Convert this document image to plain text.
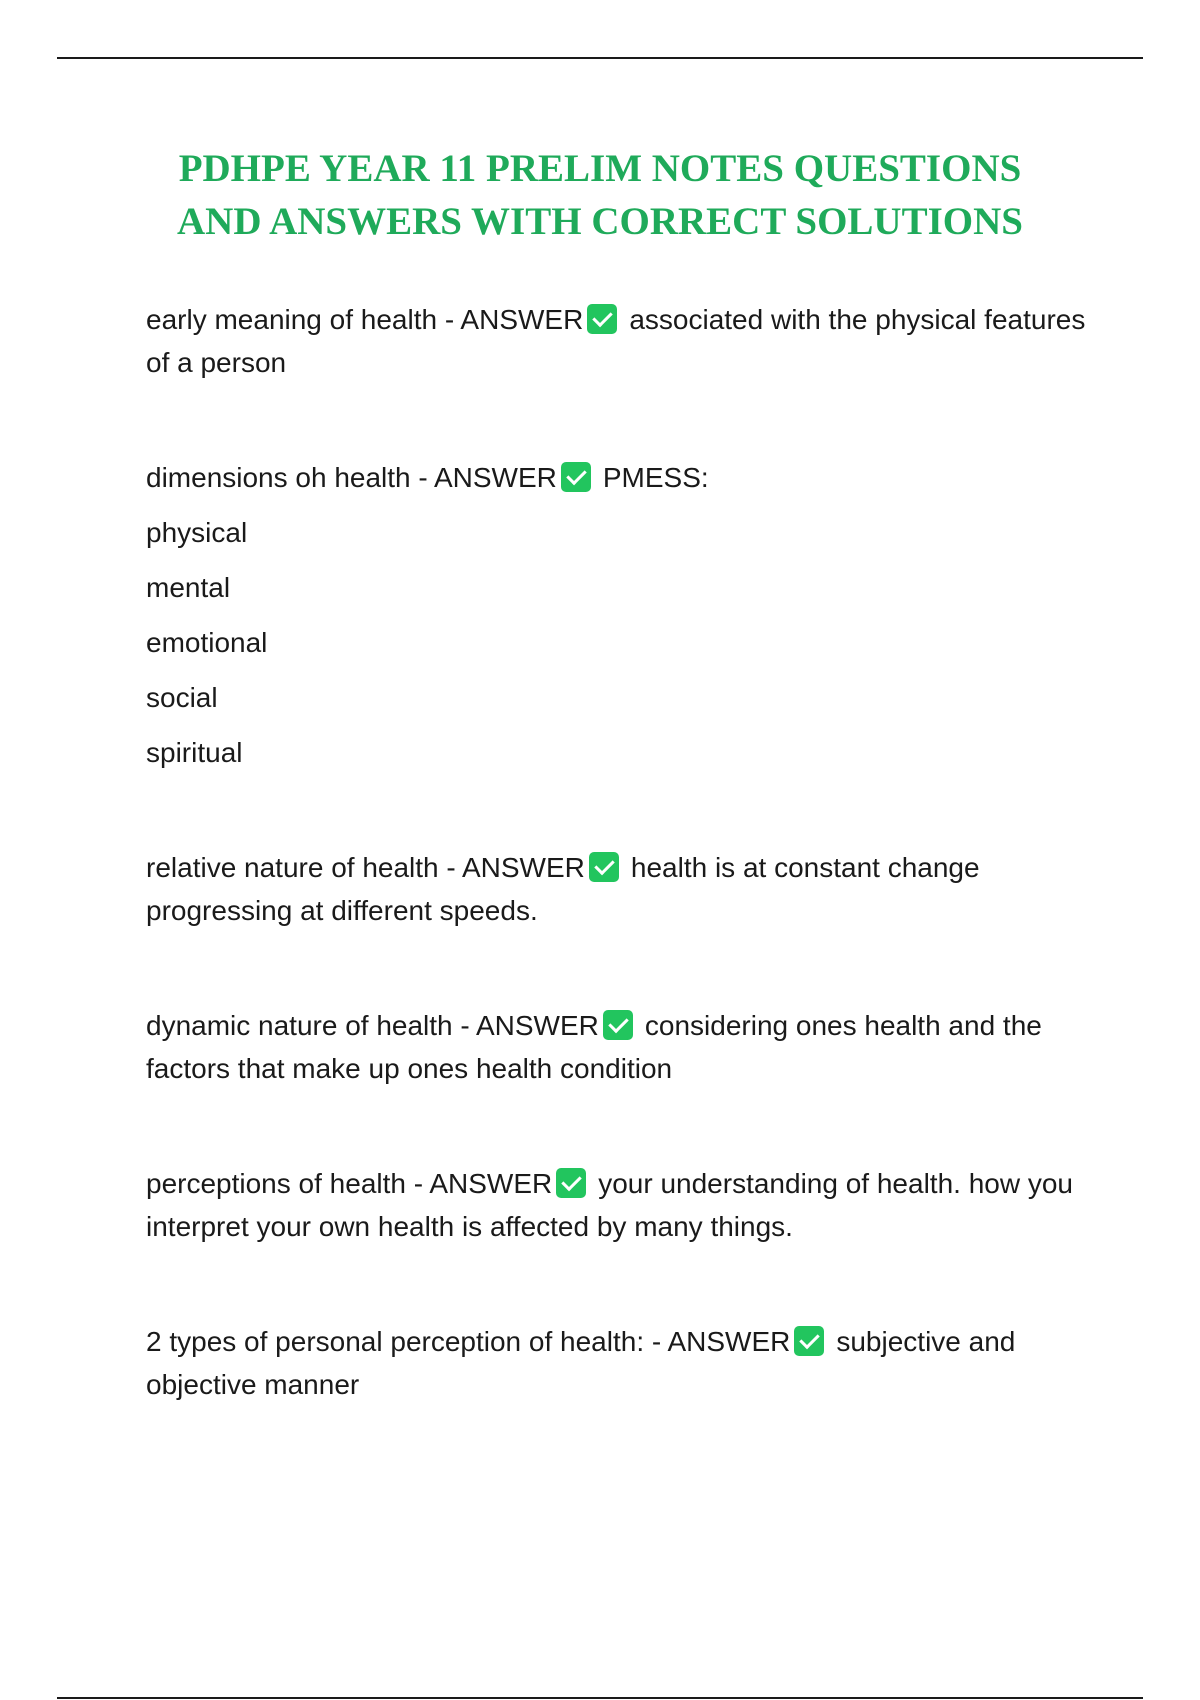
PDHPE YEAR 11 PRELIM NOTES QUESTIONS
AND ANSWERS WITH CORRECT SOLUTIONS

early meaning of health - ANSWER associated with the physical features of a person

dimensions oh health - ANSWER PMESS:

physical

mental

emotional

social

spiritual

relative nature of health - ANSWER health is at constant change progressing at different speeds.

dynamic nature of health - ANSWER considering ones health and the factors that make up ones health condition

perceptions of health - ANSWER your understanding of health. how you interpret your own health is affected by many things.

2 types of personal perception of health: - ANSWER subjective and objective manner
